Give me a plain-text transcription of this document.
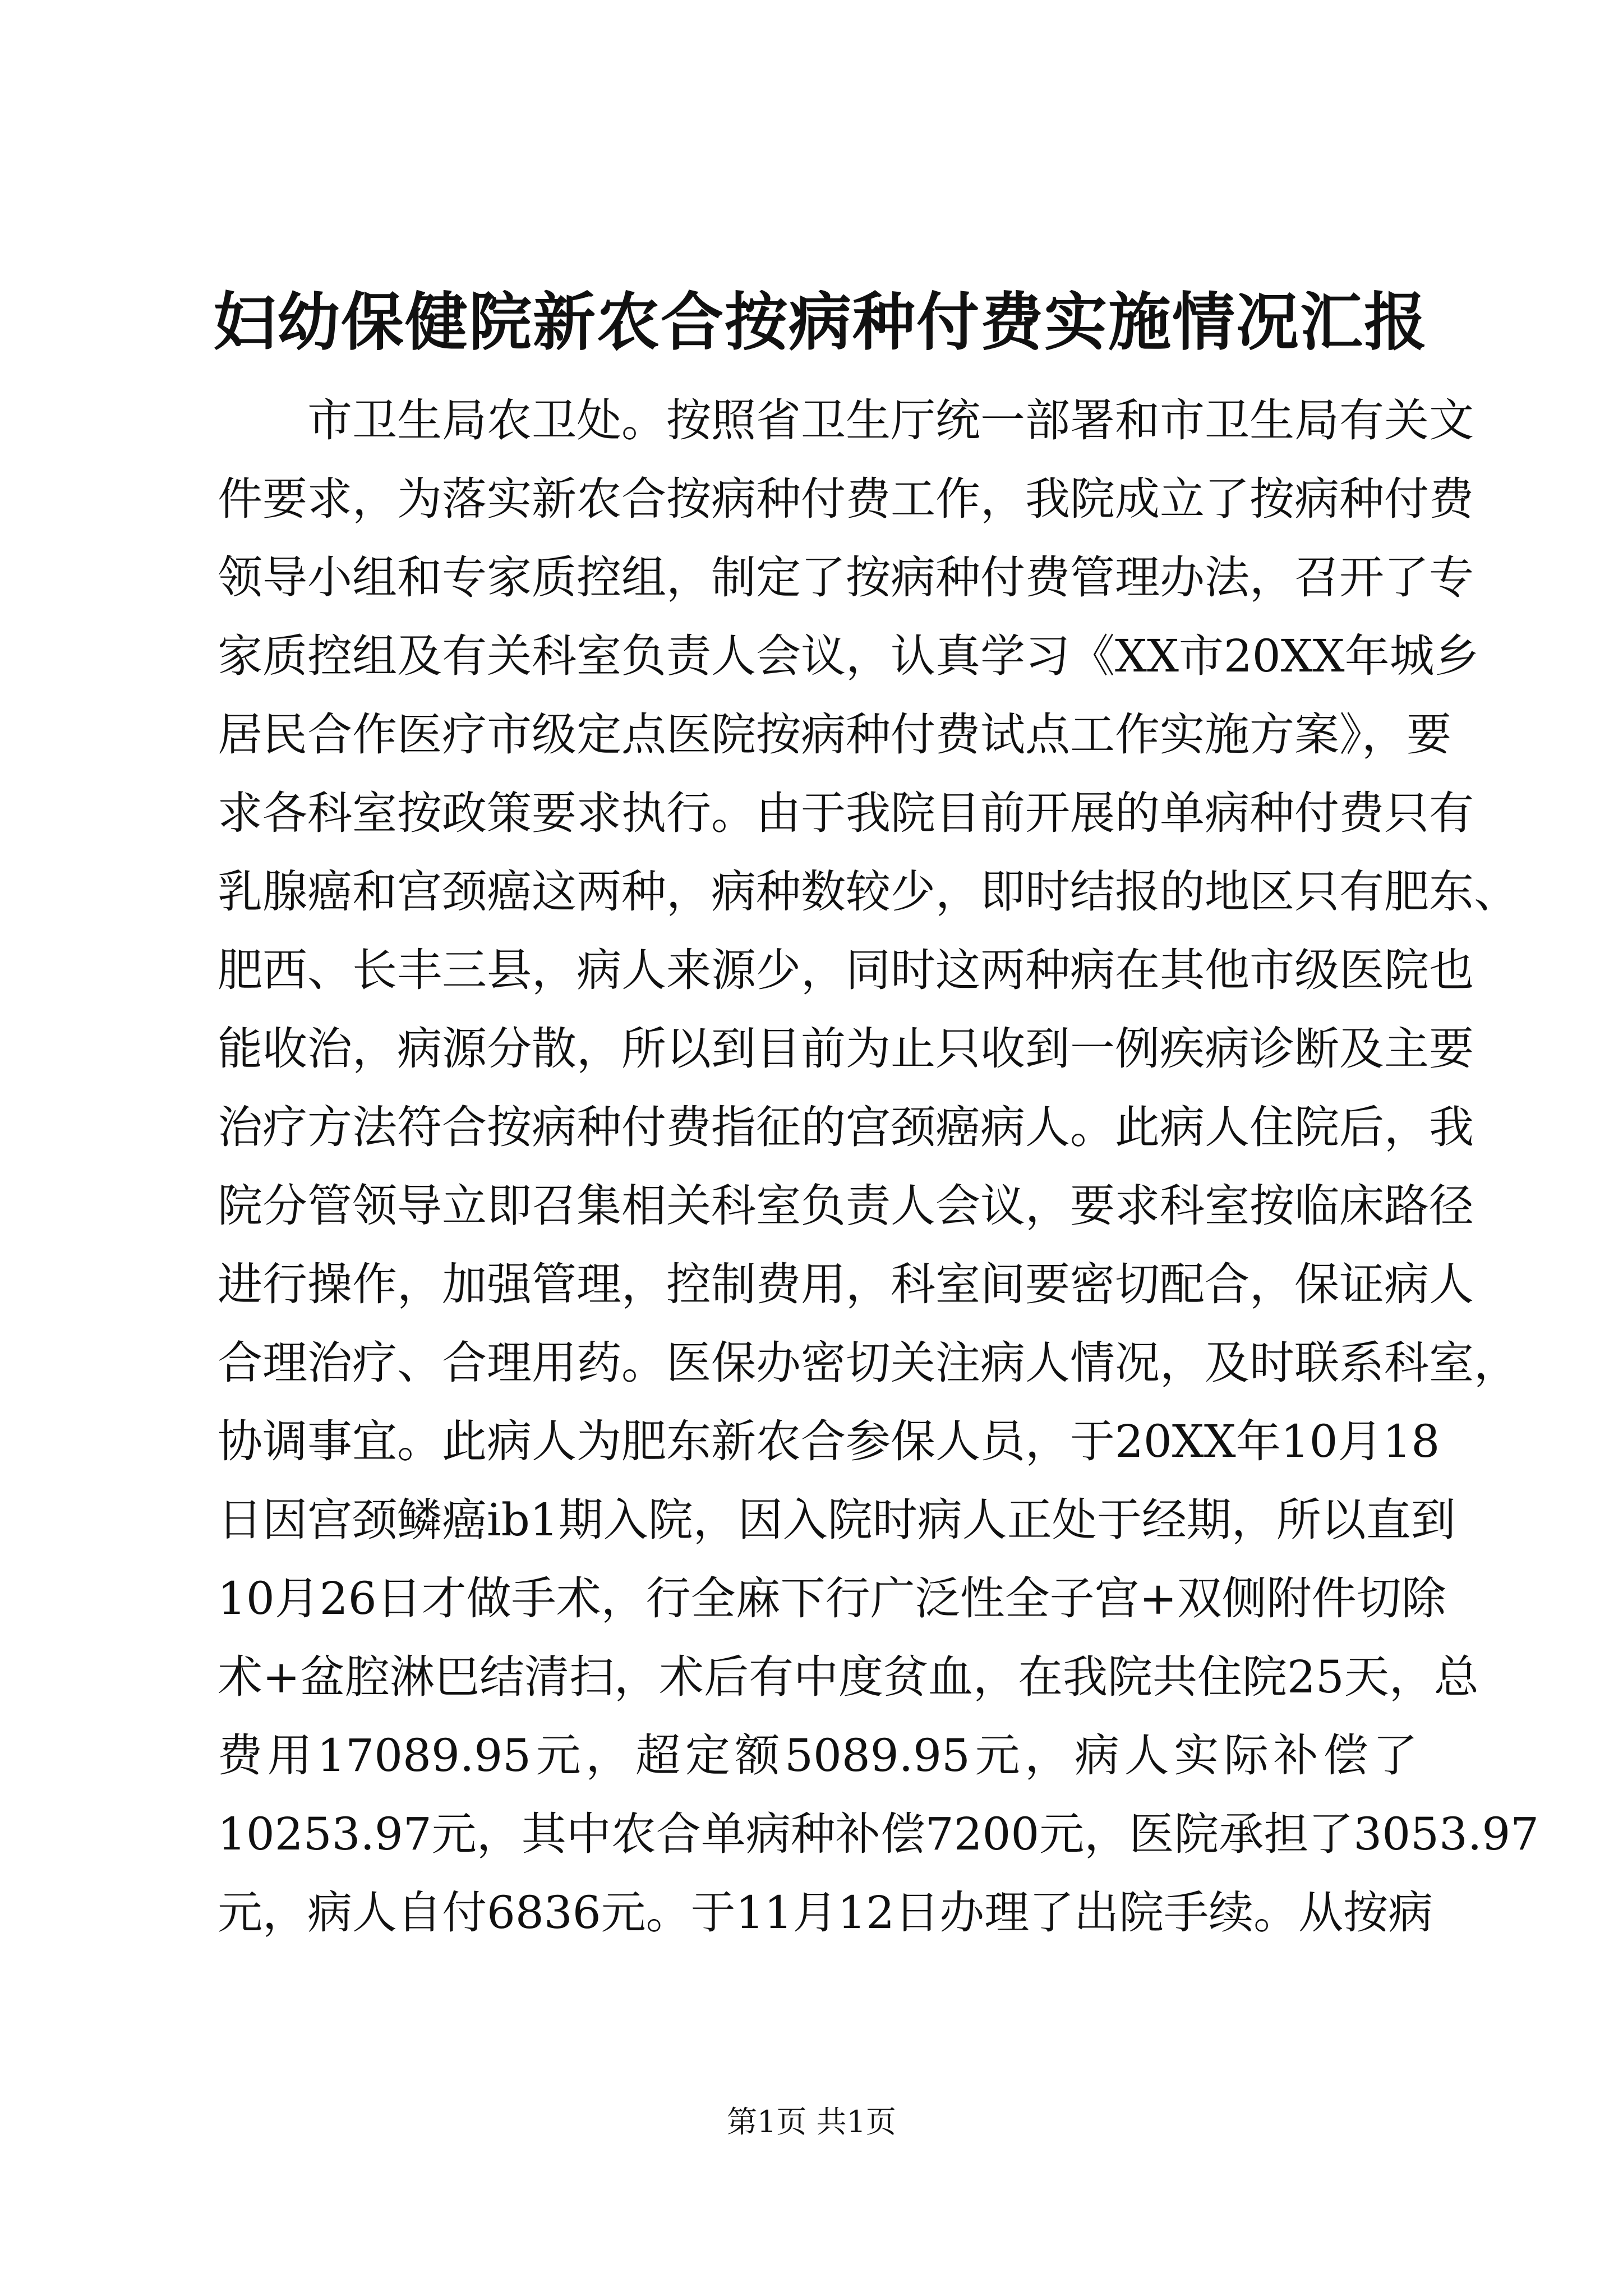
妇幼保健院新农合按病种付费实施情况汇报
市卫生局农卫处。按照省卫生厅统一部署和市卫生局有关文
件要求，为落实新农合按病种付费工作，我院成立了按病种付费
领导小组和专家质控组，制定了按病种付费管理办法，召开了专
家质控组及有关科室负责人会议，认真学习《XX市20XX年城乡
居民合作医疗市级定点医院按病种付费试点工作实施方案》，要
求各科室按政策要求执行。由于我院目前开展的单病种付费只有
乳腺癌和宫颈癌这两种，病种数较少，即时结报的地区只有肥东、
肥西、长丰三县，病人来源少，同时这两种病在其他市级医院也
能收治，病源分散，所以到目前为止只收到一例疾病诊断及主要
治疗方法符合按病种付费指征的宫颈癌病人。此病人住院后，我
院分管领导立即召集相关科室负责人会议，要求科室按临床路径
进行操作，加强管理，控制费用，科室间要密切配合，保证病人
合理治疗、合理用药。医保办密切关注病人情况，及时联系科室，
协调事宜。此病人为肥东新农合参保人员，于20XX年10月18
日因宫颈鳞癌ib1期入院，因入院时病人正处于经期，所以直到
10月26日才做手术，行全麻下行广泛性全子宫+双侧附件切除
术+盆腔淋巴结清扫，术后有中度贫血，在我院共住院25天，总
费用17089.95元，超定额5089.95元，病人实际补偿了
10253.97元，其中农合单病种补偿7200元，医院承担了3053.97
元，病人自付6836元。于11月12日办理了出院手续。从按病
第1页 共1页
